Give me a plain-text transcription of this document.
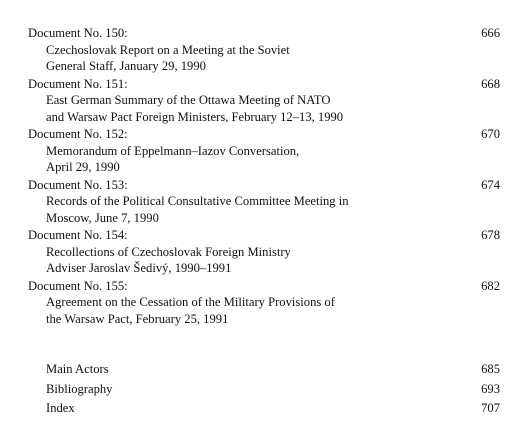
Document No. 150:	666
Czechoslovak Report on a Meeting at the Soviet
General Staff, January 29, 1990
Document No. 151:	668
East German Summary of the Ottawa Meeting of NATO
and Warsaw Pact Foreign Ministers, February 12–13, 1990
Document No. 152:	670
Memorandum of Eppelmann–Iazov Conversation,
April 29, 1990
Document No. 153:	674
Records of the Political Consultative Committee Meeting in
Moscow, June 7, 1990
Document No. 154:	678
Recollections of Czechoslovak Foreign Ministry
Adviser Jaroslav Šedivý, 1990–1991
Document No. 155:	682
Agreement on the Cessation of the Military Provisions of
the Warsaw Pact, February 25, 1991
Main Actors	685
Bibliography	693
Index	707
